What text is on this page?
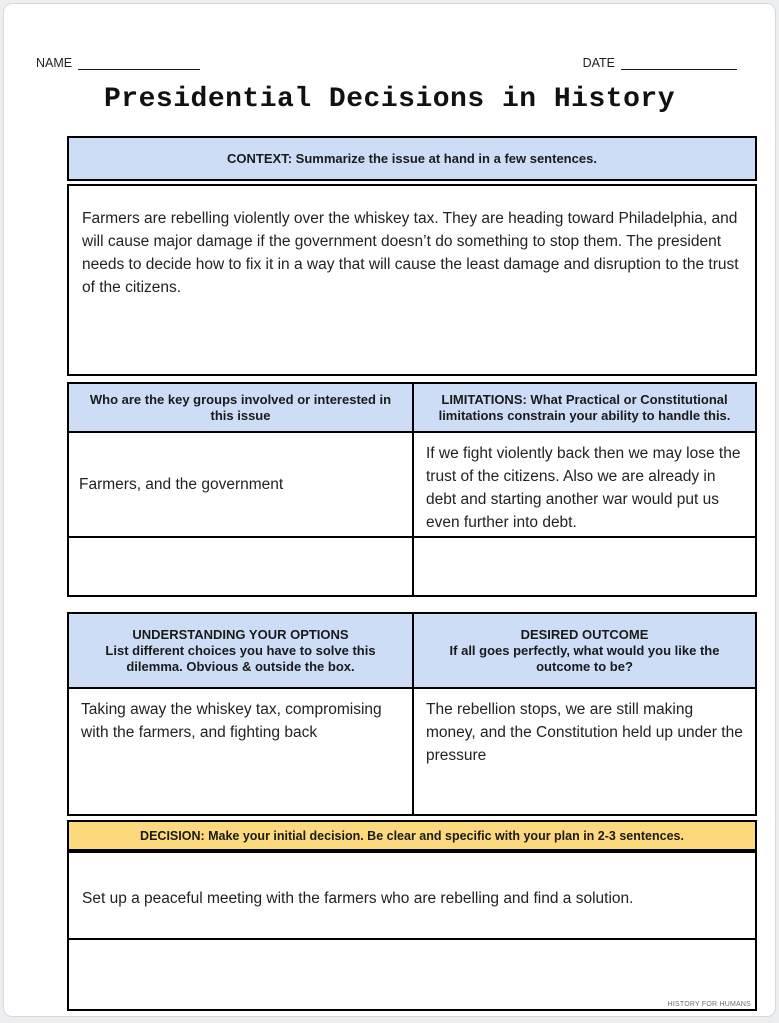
NAME	DATE
Presidential Decisions in History
CONTEXT: Summarize the issue at hand in a few sentences.
Farmers are rebelling violently over the whiskey tax. They are heading toward Philadelphia, and will cause major damage if the government doesn’t do something to stop them. The president needs to decide how to fix it in a way that will cause the least damage and disruption to the trust of the citizens.
Who are the key groups involved or interested in this issue
LIMITATIONS: What Practical or Constitutional limitations constrain your ability to handle this.
Farmers, and the government
If we fight violently back then we may lose the trust of the citizens. Also we are already in debt and starting another war would put us even further into debt.
UNDERSTANDING YOUR OPTIONS
List different choices you have to solve this dilemma. Obvious & outside the box.
DESIRED OUTCOME
If all goes perfectly, what would you like the outcome to be?
Taking away the whiskey tax, compromising with the farmers, and fighting back
The rebellion stops, we are still making money, and the Constitution held up under the pressure
DECISION: Make your initial decision. Be clear and specific with your plan in 2-3 sentences.
Set up a peaceful meeting with the farmers who are rebelling and find a solution.
HISTORY FOR HUMANS
